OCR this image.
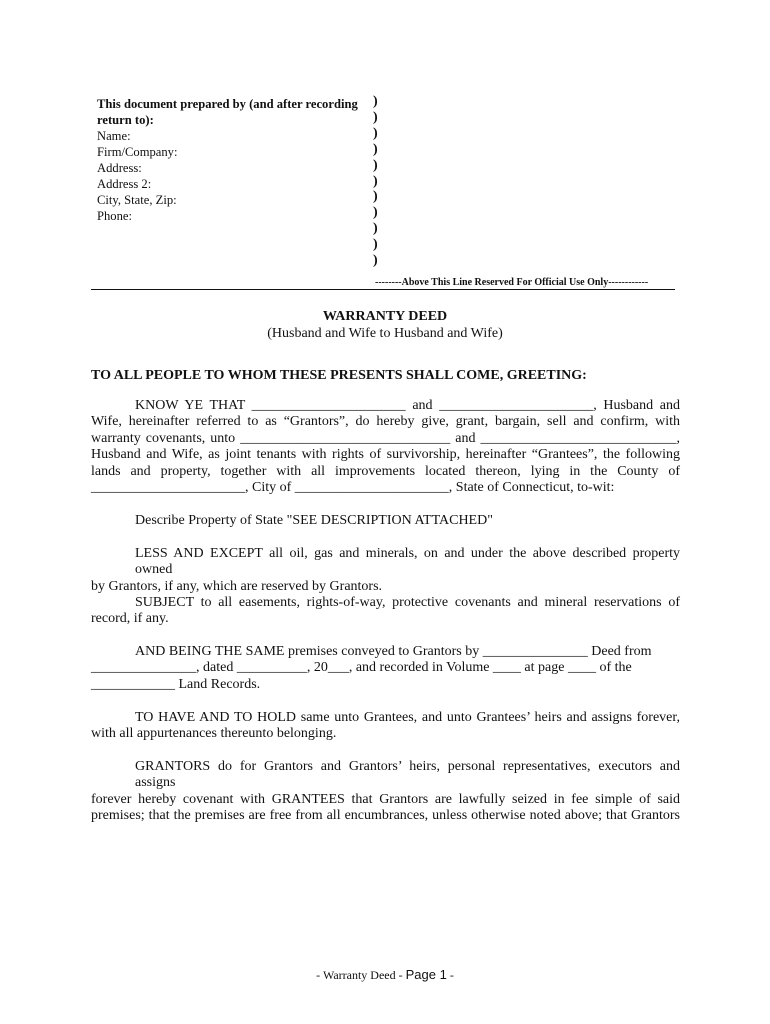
This document prepared by (and after recording
return to):
Name:
Firm/Company:
Address:
Address 2:
City, State, Zip:
Phone:
)
)
)
)
)
)
)
)
)
)
)
--------Above This Line Reserved For Official Use Only------------
WARRANTY DEED
(Husband and Wife to Husband and Wife)
TO ALL PEOPLE TO WHOM THESE PRESENTS SHALL COME, GREETING:
KNOW YE THAT ______________________ and ______________________, Husband and
Wife, hereinafter referred to as “Grantors”, do hereby give, grant, bargain, sell and confirm, with
warranty covenants, unto ______________________________ and ____________________________,
Husband and Wife, as joint tenants with rights of survivorship, hereinafter “Grantees”, the following
lands and property, together with all improvements located thereon, lying in the County of
______________________, City of ______________________, State of Connecticut, to-wit:
Describe Property of State "SEE DESCRIPTION ATTACHED"
LESS AND EXCEPT all oil, gas and minerals, on and under the above described property owned
by Grantors, if any, which are reserved by Grantors.
SUBJECT to all easements, rights-of-way, protective covenants and mineral reservations of
record, if any.
AND BEING THE SAME premises conveyed to Grantors by _______________ Deed from
_______________, dated __________, 20___, and recorded in Volume ____ at page ____ of the
____________ Land Records.
TO HAVE AND TO HOLD same unto Grantees, and unto Grantees’ heirs and assigns forever,
with all appurtenances thereunto belonging.
GRANTORS do for Grantors and Grantors’ heirs, personal representatives, executors and assigns
forever hereby covenant with GRANTEES that Grantors are lawfully seized in fee simple of said
premises; that the premises are free from all encumbrances, unless otherwise noted above; that Grantors
- Warranty Deed - Page 1 -
